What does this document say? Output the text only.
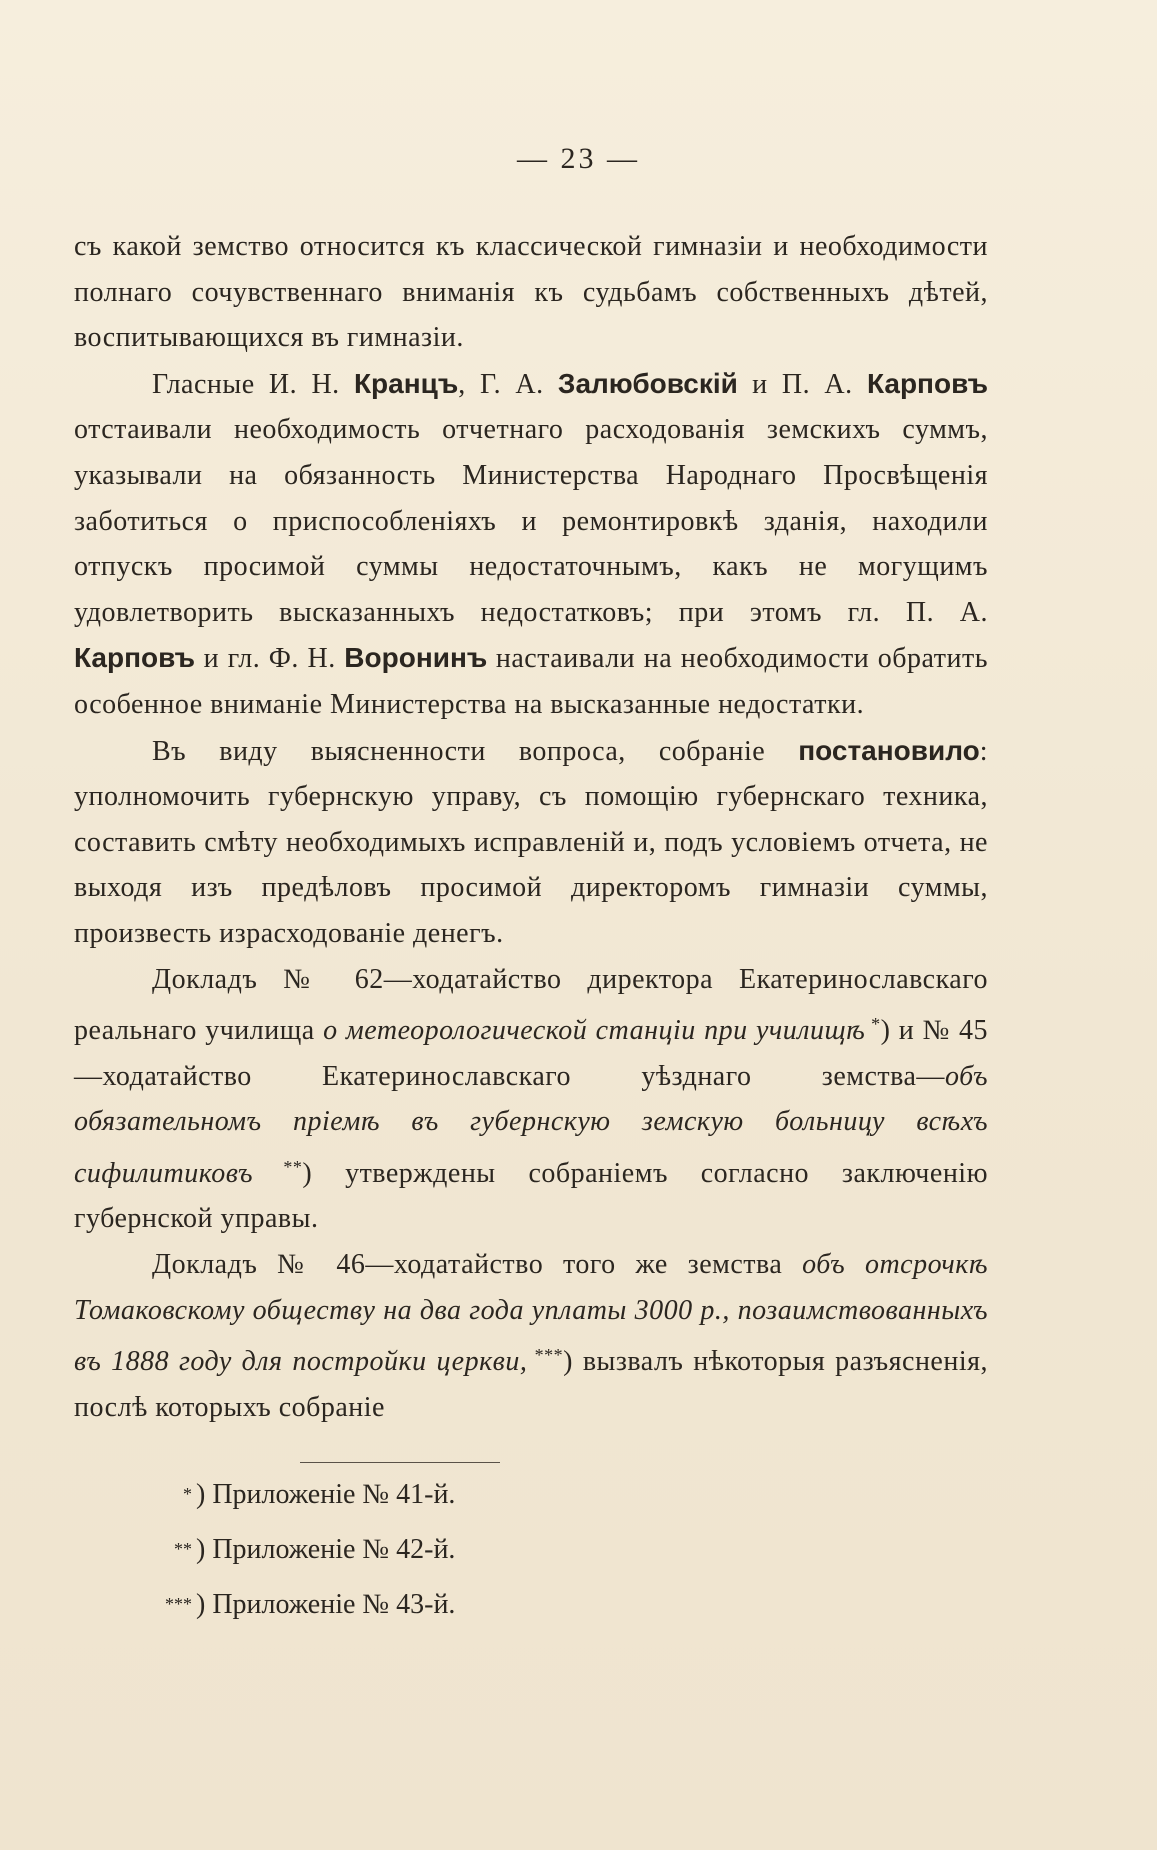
— 23 —

съ какой земство относится къ классической гимназіи и необходимости полнаго сочувственнаго вниманія къ судьбамъ собственныхъ дѣтей, воспитывающихся въ гимназіи.

Гласные И. Н. Кранцъ, Г. А. Залюбовскій и П. А. Карповъ отстаивали необходимость отчетнаго расходованія земскихъ суммъ, указывали на обязанность Министерства Народнаго Просвѣщенія заботиться о приспособленіяхъ и ремонтировкѣ зданія, находили отпускъ просимой суммы недостаточнымъ, какъ не могущимъ удовлетворить высказанныхъ недостатковъ; при этомъ гл. П. А. Карповъ и гл. Ф. Н. Воронинъ настаивали на необходимости обратить особенное вниманіе Министерства на высказанные недостатки.

Въ виду выясненности вопроса, собраніе постановило: уполномочить губернскую управу, съ помощію губернскаго техника, составить смѣту необходимыхъ исправленій и, подъ условіемъ отчета, не выходя изъ предѣловъ просимой директоромъ гимназіи суммы, произвесть израсходованіе денегъ.

Докладъ № 62—ходатайство директора Екатеринославскаго реальнаго училища о метеорологической станціи при училищѣ *) и № 45—ходатайство Екатеринославскаго уѣзднаго земства—объ обязательномъ пріемѣ въ губернскую земскую больницу всѣхъ сифилитиковъ **) утверждены собраніемъ согласно заключенію губернской управы.

Докладъ № 46—ходатайство того же земства объ отсрочкѣ Томаковскому обществу на два года уплаты 3000 р., позаимствованныхъ въ 1888 году для постройки церкви, ***) вызвалъ нѣкоторыя разъясненія, послѣ которыхъ собраніе

* ) Приложеніе № 41-й.
** ) Приложеніе № 42-й.
*** ) Приложеніе № 43-й.
